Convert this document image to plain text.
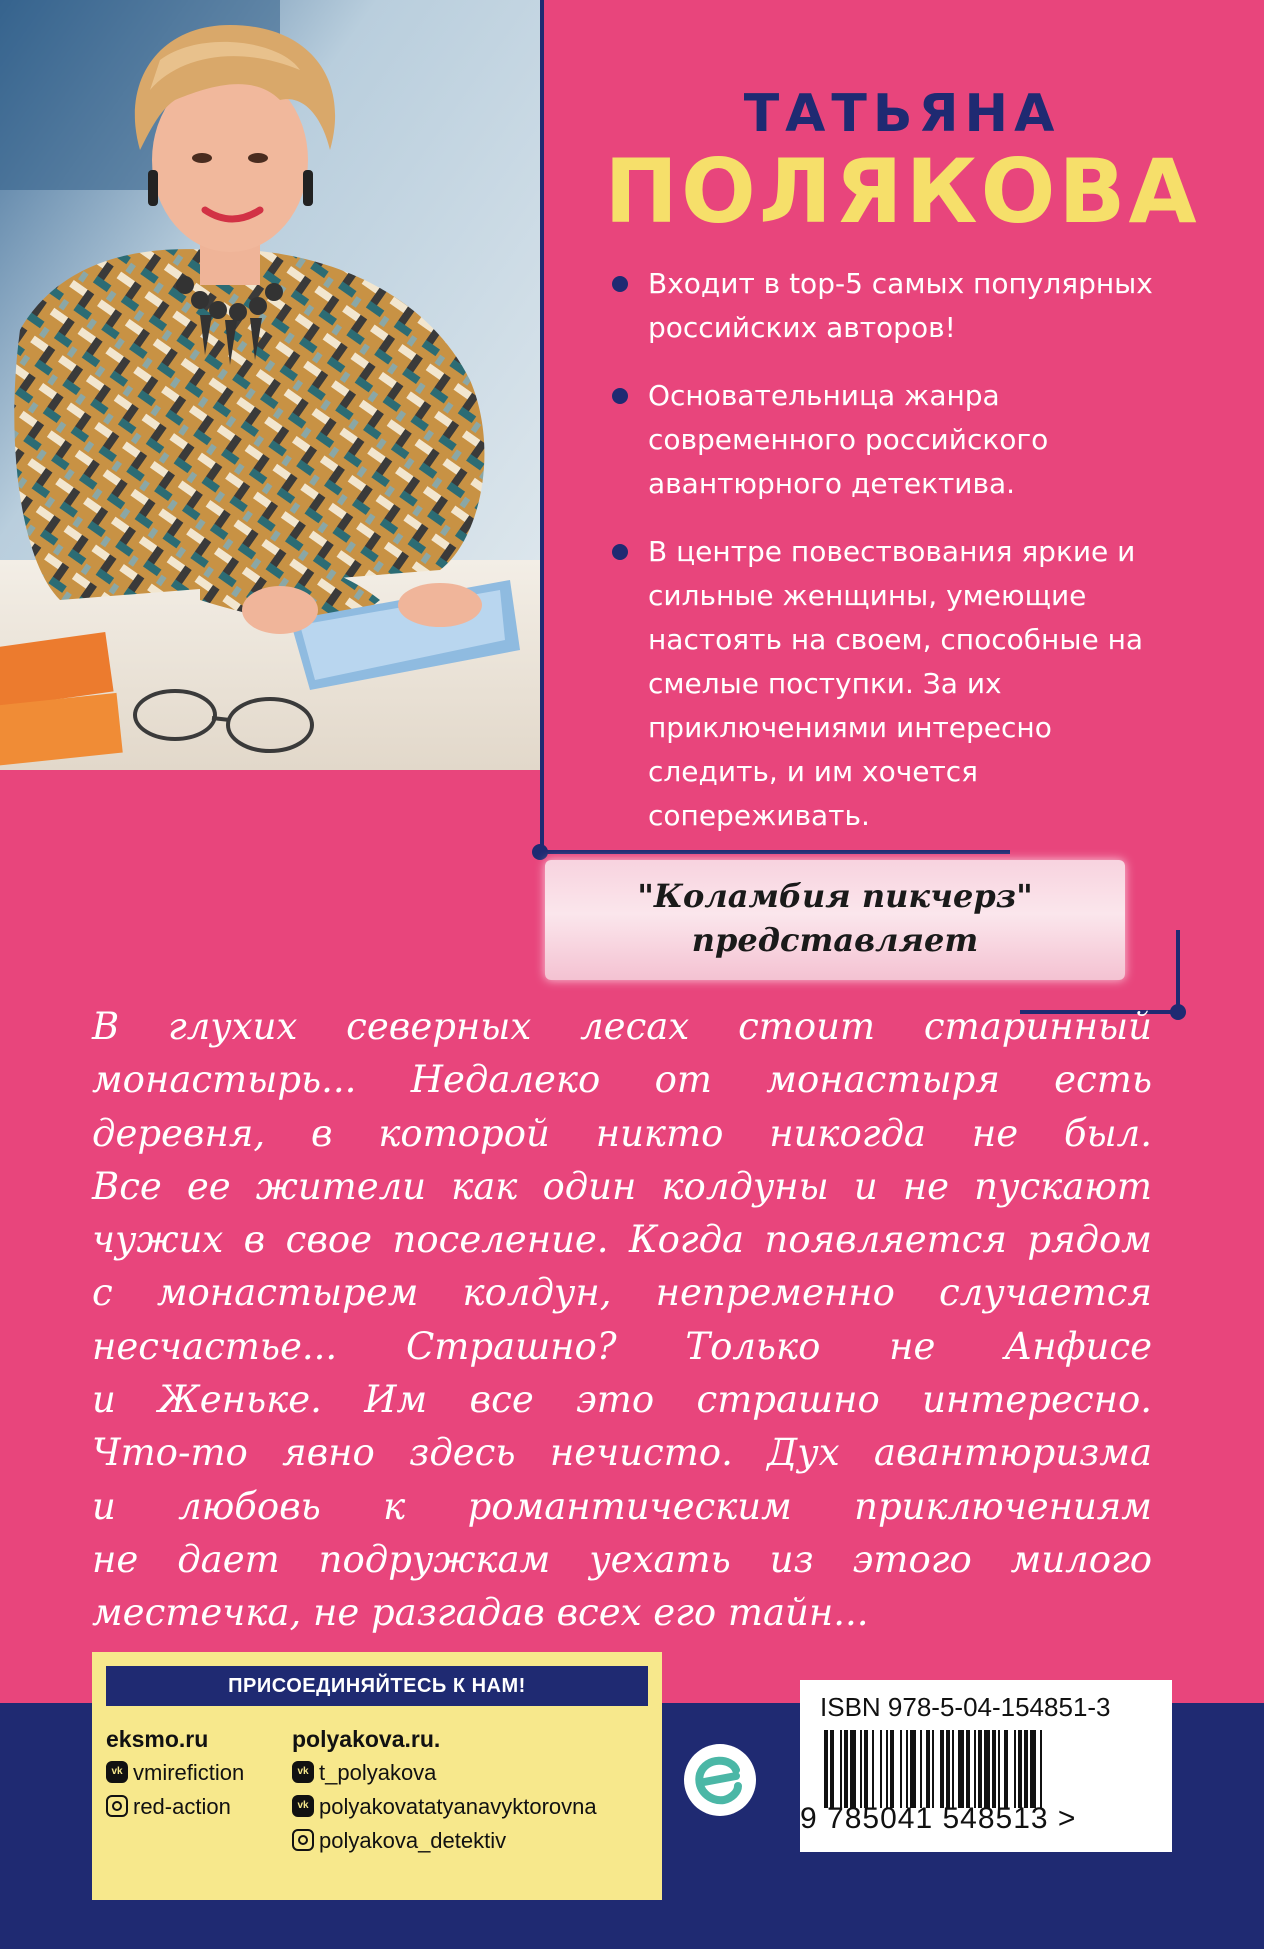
ТАТЬЯНА
ПОЛЯКОВА
Входит в top-5 самых популярных российских авторов!
Основательница жанра современного российского авантюрного детектива.
В центре повествования яркие и сильные женщины, умеющие настоять на своем, способные на смелые поступки. За их приключениями интересно следить, и им хочется сопереживать.
"Коламбия пикчерз"
представляет
В глухих северных лесах стоит старинный
монастырь... Недалеко от монастыря есть
деревня, в которой никто никогда не был.
Все ее жители как один колдуны и не пускают
чужих в свое поселение. Когда появляется рядом
с монастырем колдун, непременно случается
несчастье... Страшно? Только не Анфисе
и Женьке. Им все это страшно интересно.
Что-то явно здесь нечисто. Дух авантюризма
и любовь к романтическим приключениям
не дает подружкам уехать из этого милого
местечка, не разгадав всех его тайн...
ПРИСОЕДИНЯЙТЕСЬ К НАМ!
eksmo.ru
vk vmirefiction
red-action
polyakova.ru.
vk t_polyakova
vk polyakovatatyanavyktorovna
polyakova_detektiv
ISBN 978-5-04-154851-3
9 785041 548513 >
